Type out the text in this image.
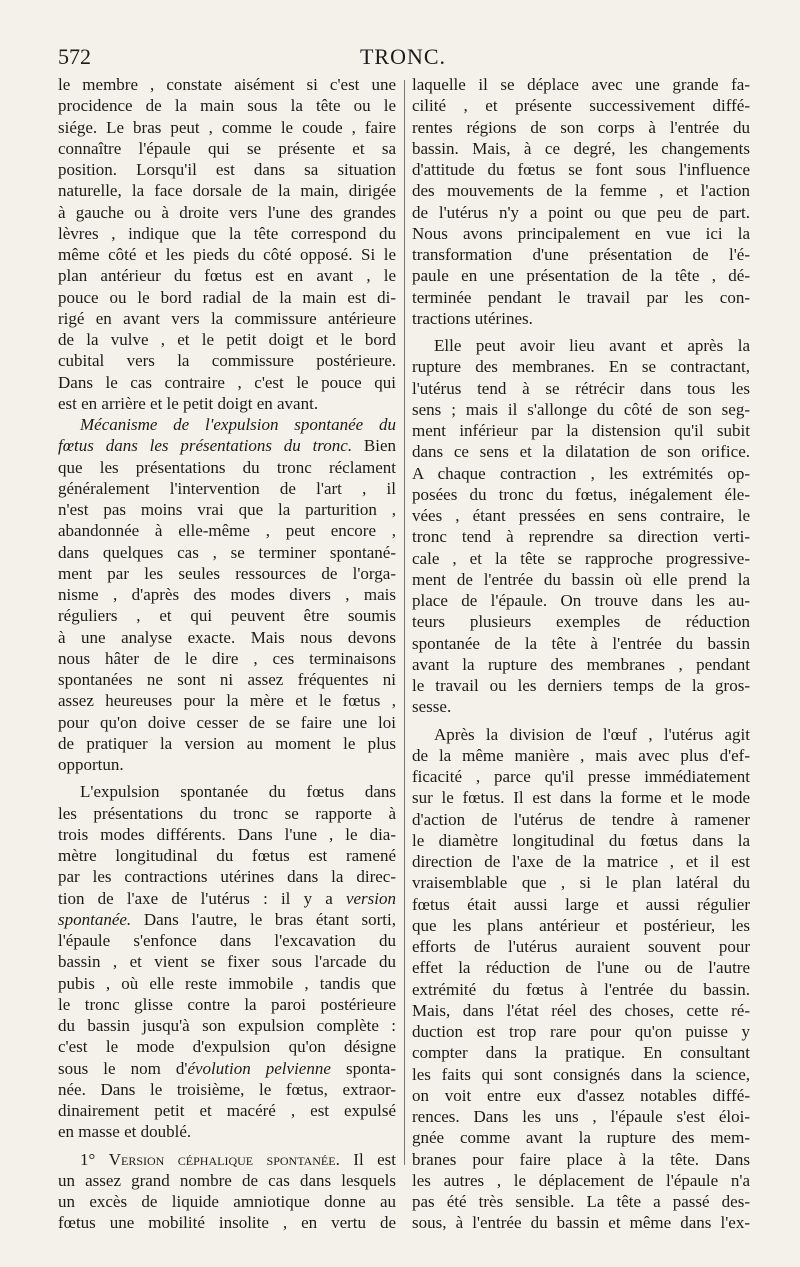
572	TRONC.
le membre , constate aisément si c'est une
procidence de la main sous la tête ou le
siége. Le bras peut , comme le coude , faire
connaître l'épaule qui se présente et sa
position. Lorsqu'il est dans sa situation
naturelle, la face dorsale de la main, dirigée
à gauche ou à droite vers l'une des grandes
lèvres , indique que la tête correspond du
même côté et les pieds du côté opposé. Si le
plan antérieur du fœtus est en avant , le
pouce ou le bord radial de la main est di-
rigé en avant vers la commissure antérieure
de la vulve , et le petit doigt et le bord
cubital vers la commissure postérieure.
Dans le cas contraire , c'est le pouce qui
est en arrière et le petit doigt en avant.
Mécanisme de l'expulsion spontanée du
fœtus dans les présentations du tronc. Bien
que les présentations du tronc réclament
généralement l'intervention de l'art , il
n'est pas moins vrai que la parturition ,
abandonnée à elle-même , peut encore ,
dans quelques cas , se terminer spontané-
ment par les seules ressources de l'orga-
nisme , d'après des modes divers , mais
réguliers , et qui peuvent être soumis
à une analyse exacte. Mais nous devons
nous hâter de le dire , ces terminaisons
spontanées ne sont ni assez fréquentes ni
assez heureuses pour la mère et le fœtus ,
pour qu'on doive cesser de se faire une loi
de pratiquer la version au moment le plus
opportun.
L'expulsion spontanée du fœtus dans
les présentations du tronc se rapporte à
trois modes différents. Dans l'une , le dia-
mètre longitudinal du fœtus est ramené
par les contractions utérines dans la direc-
tion de l'axe de l'utérus : il y a version
spontanée. Dans l'autre, le bras étant sorti,
l'épaule s'enfonce dans l'excavation du
bassin , et vient se fixer sous l'arcade du
pubis , où elle reste immobile , tandis que
le tronc glisse contre la paroi postérieure
du bassin jusqu'à son expulsion complète :
c'est le mode d'expulsion qu'on désigne
sous le nom d'évolution pelvienne sponta-
née. Dans le troisième, le fœtus, extraor-
dinairement petit et macéré , est expulsé
en masse et doublé.
1° Version céphalique spontanée. Il est
un assez grand nombre de cas dans lesquels
un excès de liquide amniotique donne au
fœtus une mobilité insolite , en vertu de
laquelle il se déplace avec une grande fa-
cilité , et présente successivement diffé-
rentes régions de son corps à l'entrée du
bassin. Mais, à ce degré, les changements
d'attitude du fœtus se font sous l'influence
des mouvements de la femme , et l'action
de l'utérus n'y a point ou que peu de part.
Nous avons principalement en vue ici la
transformation d'une présentation de l'é-
paule en une présentation de la tête , dé-
terminée pendant le travail par les con-
tractions utérines.
Elle peut avoir lieu avant et après la
rupture des membranes. En se contractant,
l'utérus tend à se rétrécir dans tous les
sens ; mais il s'allonge du côté de son seg-
ment inférieur par la distension qu'il subit
dans ce sens et la dilatation de son orifice.
A chaque contraction , les extrémités op-
posées du tronc du fœtus, inégalement éle-
vées , étant pressées en sens contraire, le
tronc tend à reprendre sa direction verti-
cale , et la tête se rapproche progressive-
ment de l'entrée du bassin où elle prend la
place de l'épaule. On trouve dans les au-
teurs plusieurs exemples de réduction
spontanée de la tête à l'entrée du bassin
avant la rupture des membranes , pendant
le travail ou les derniers temps de la gros-
sesse.
Après la division de l'œuf , l'utérus agit
de la même manière , mais avec plus d'ef-
ficacité , parce qu'il presse immédiatement
sur le fœtus. Il est dans la forme et le mode
d'action de l'utérus de tendre à ramener
le diamètre longitudinal du fœtus dans la
direction de l'axe de la matrice , et il est
vraisemblable que , si le plan latéral du
fœtus était aussi large et aussi régulier
que les plans antérieur et postérieur, les
efforts de l'utérus auraient souvent pour
effet la réduction de l'une ou de l'autre
extrémité du fœtus à l'entrée du bassin.
Mais, dans l'état réel des choses, cette ré-
duction est trop rare pour qu'on puisse y
compter dans la pratique. En consultant
les faits qui sont consignés dans la science,
on voit entre eux d'assez notables diffé-
rences. Dans les uns , l'épaule s'est éloi-
gnée comme avant la rupture des mem-
branes pour faire place à la tête. Dans
les autres , le déplacement de l'épaule n'a
pas été très sensible. La tête a passé des-
sous, à l'entrée du bassin et même dans l'ex-
